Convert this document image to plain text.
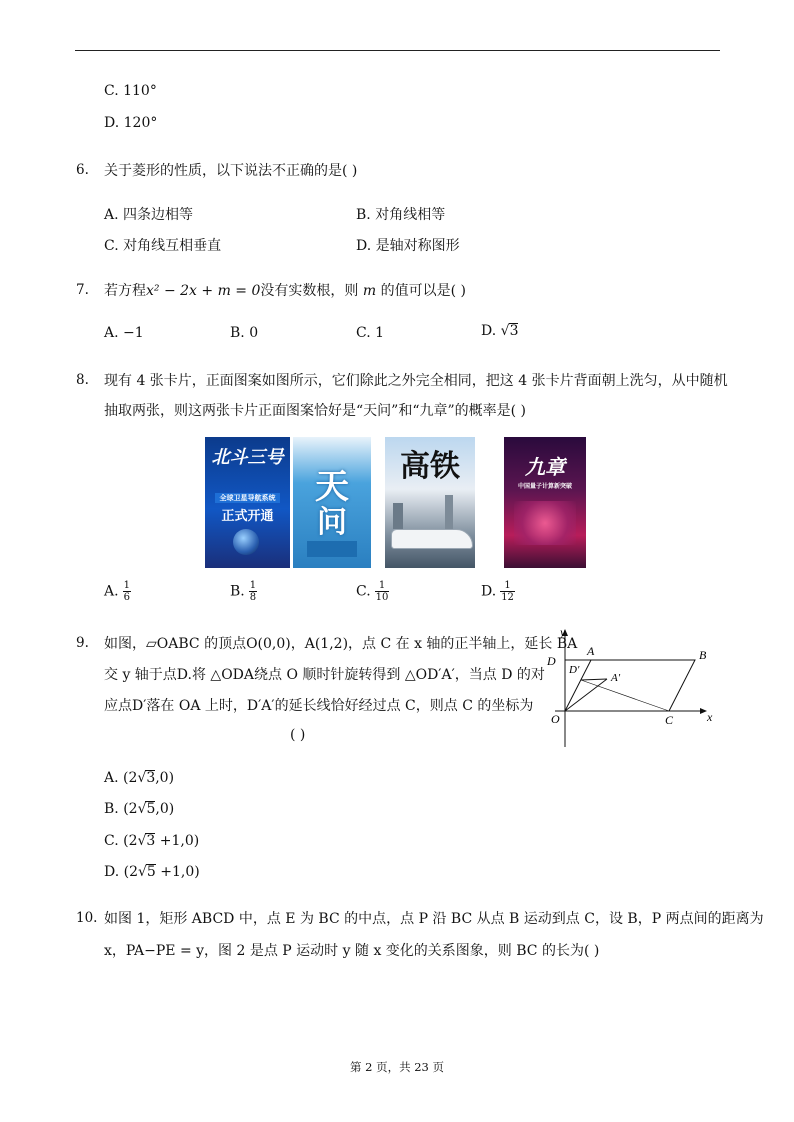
C. 110°
D. 120°
6. 关于菱形的性质，以下说法不正确的是( )
A. 四条边相等	B. 对角线相等
C. 对角线互相垂直	D. 是轴对称图形
7. 若方程x² − 2x + m = 0没有实数根，则 m 的值可以是( )
A. −1	B. 0	C. 1	D. √3
8. 现有 4 张卡片，正面图案如图所示，它们除此之外完全相同，把这 4 张卡片背面朝上洗匀，从中随机
抽取两张，则这两张卡片正面图案恰好是“天问”和“九章”的概率是( )
北斗三号
全球卫星导航系统
正式开通
天
问
高铁	九章
中国量子计算新突破
A. $\frac{1}{6}$	B. $\frac{1}{8}$	C. $\frac{1}{10}$	D. $\frac{1}{12}$
9. 如图，▱OABC 的顶点O(0,0)，A(1,2)，点 C 在 x 轴的正半轴上，延长 BA
交 y 轴于点D.将 △ODA绕点 O 顺时针旋转得到 △OD′A′，当点 D 的对
应点D′落在 OA 上时，D′A′的延长线恰好经过点 C，则点 C 的坐标为
( )
D
y
A	B
D′
A′
O	C	x
A. (2√3,0)
B. (2√5,0)
C. (2√3 +1,0)
D. (2√5 +1,0)
10. 如图 1，矩形 ABCD 中，点 E 为 BC 的中点，点 P 沿 BC 从点 B 运动到点 C，设 B，P 两点间的距离为
x，PA−PE = y，图 2 是点 P 运动时 y 随 x 变化的关系图象，则 BC 的长为( )
第 2 页，共 23 页
